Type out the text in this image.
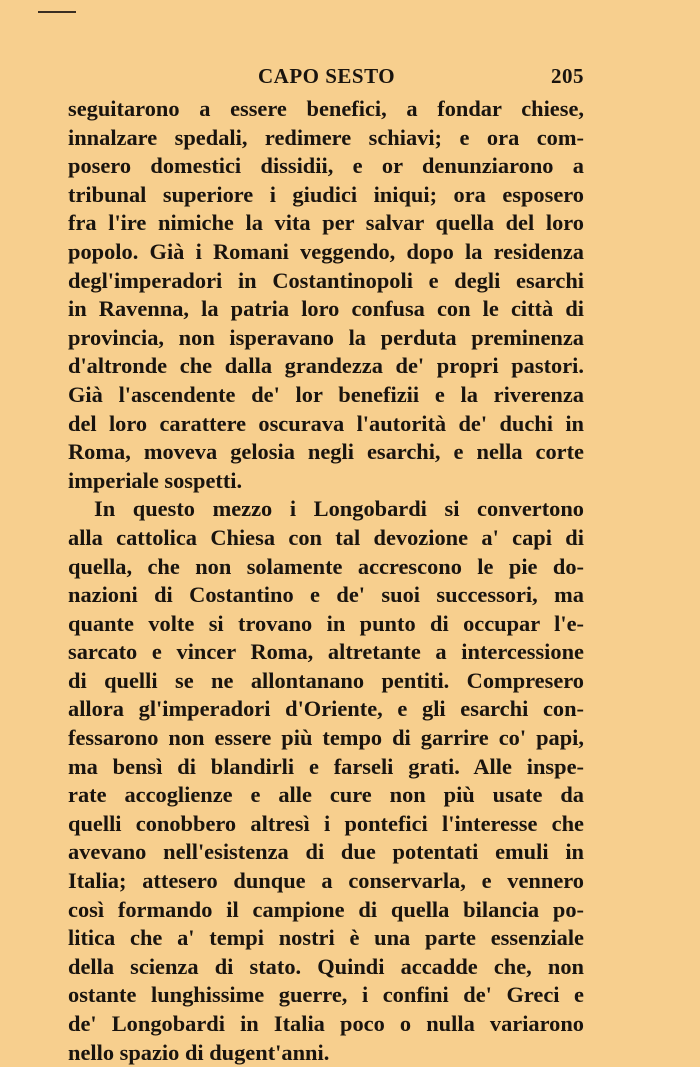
CAPO SESTO	205
seguitarono a essere benefici, a fondar chiese,
innalzare spedali, redimere schiavi; e ora com-
posero domestici dissidii, e or denunziarono a
tribunal superiore i giudici iniqui; ora esposero
fra l'ire nimiche la vita per salvar quella del loro
popolo. Già i Romani veggendo, dopo la residenza
degl'imperadori in Costantinopoli e degli esarchi
in Ravenna, la patria loro confusa con le città di
provincia, non isperavano la perduta preminenza
d'altronde che dalla grandezza de' propri pastori.
Già l'ascendente de' lor benefizii e la riverenza
del loro carattere oscurava l'autorità de' duchi in
Roma, moveva gelosia negli esarchi, e nella corte
imperiale sospetti.
In questo mezzo i Longobardi si convertono
alla cattolica Chiesa con tal devozione a' capi di
quella, che non solamente accrescono le pie do-
nazioni di Costantino e de' suoi successori, ma
quante volte si trovano in punto di occupar l'e-
sarcato e vincer Roma, altretante a intercessione
di quelli se ne allontanano pentiti. Compresero
allora gl'imperadori d'Oriente, e gli esarchi con-
fessarono non essere più tempo di garrire co' papi,
ma bensì di blandirli e farseli grati. Alle inspe-
rate accoglienze e alle cure non più usate da
quelli conobbero altresì i pontefici l'interesse che
avevano nell'esistenza di due potentati emuli in
Italia; attesero dunque a conservarla, e vennero
così formando il campione di quella bilancia po-
litica che a' tempi nostri è una parte essenziale
della scienza di stato. Quindi accadde che, non
ostante lunghissime guerre, i confini de' Greci e
de' Longobardi in Italia poco o nulla variarono
nello spazio di dugent'anni.
